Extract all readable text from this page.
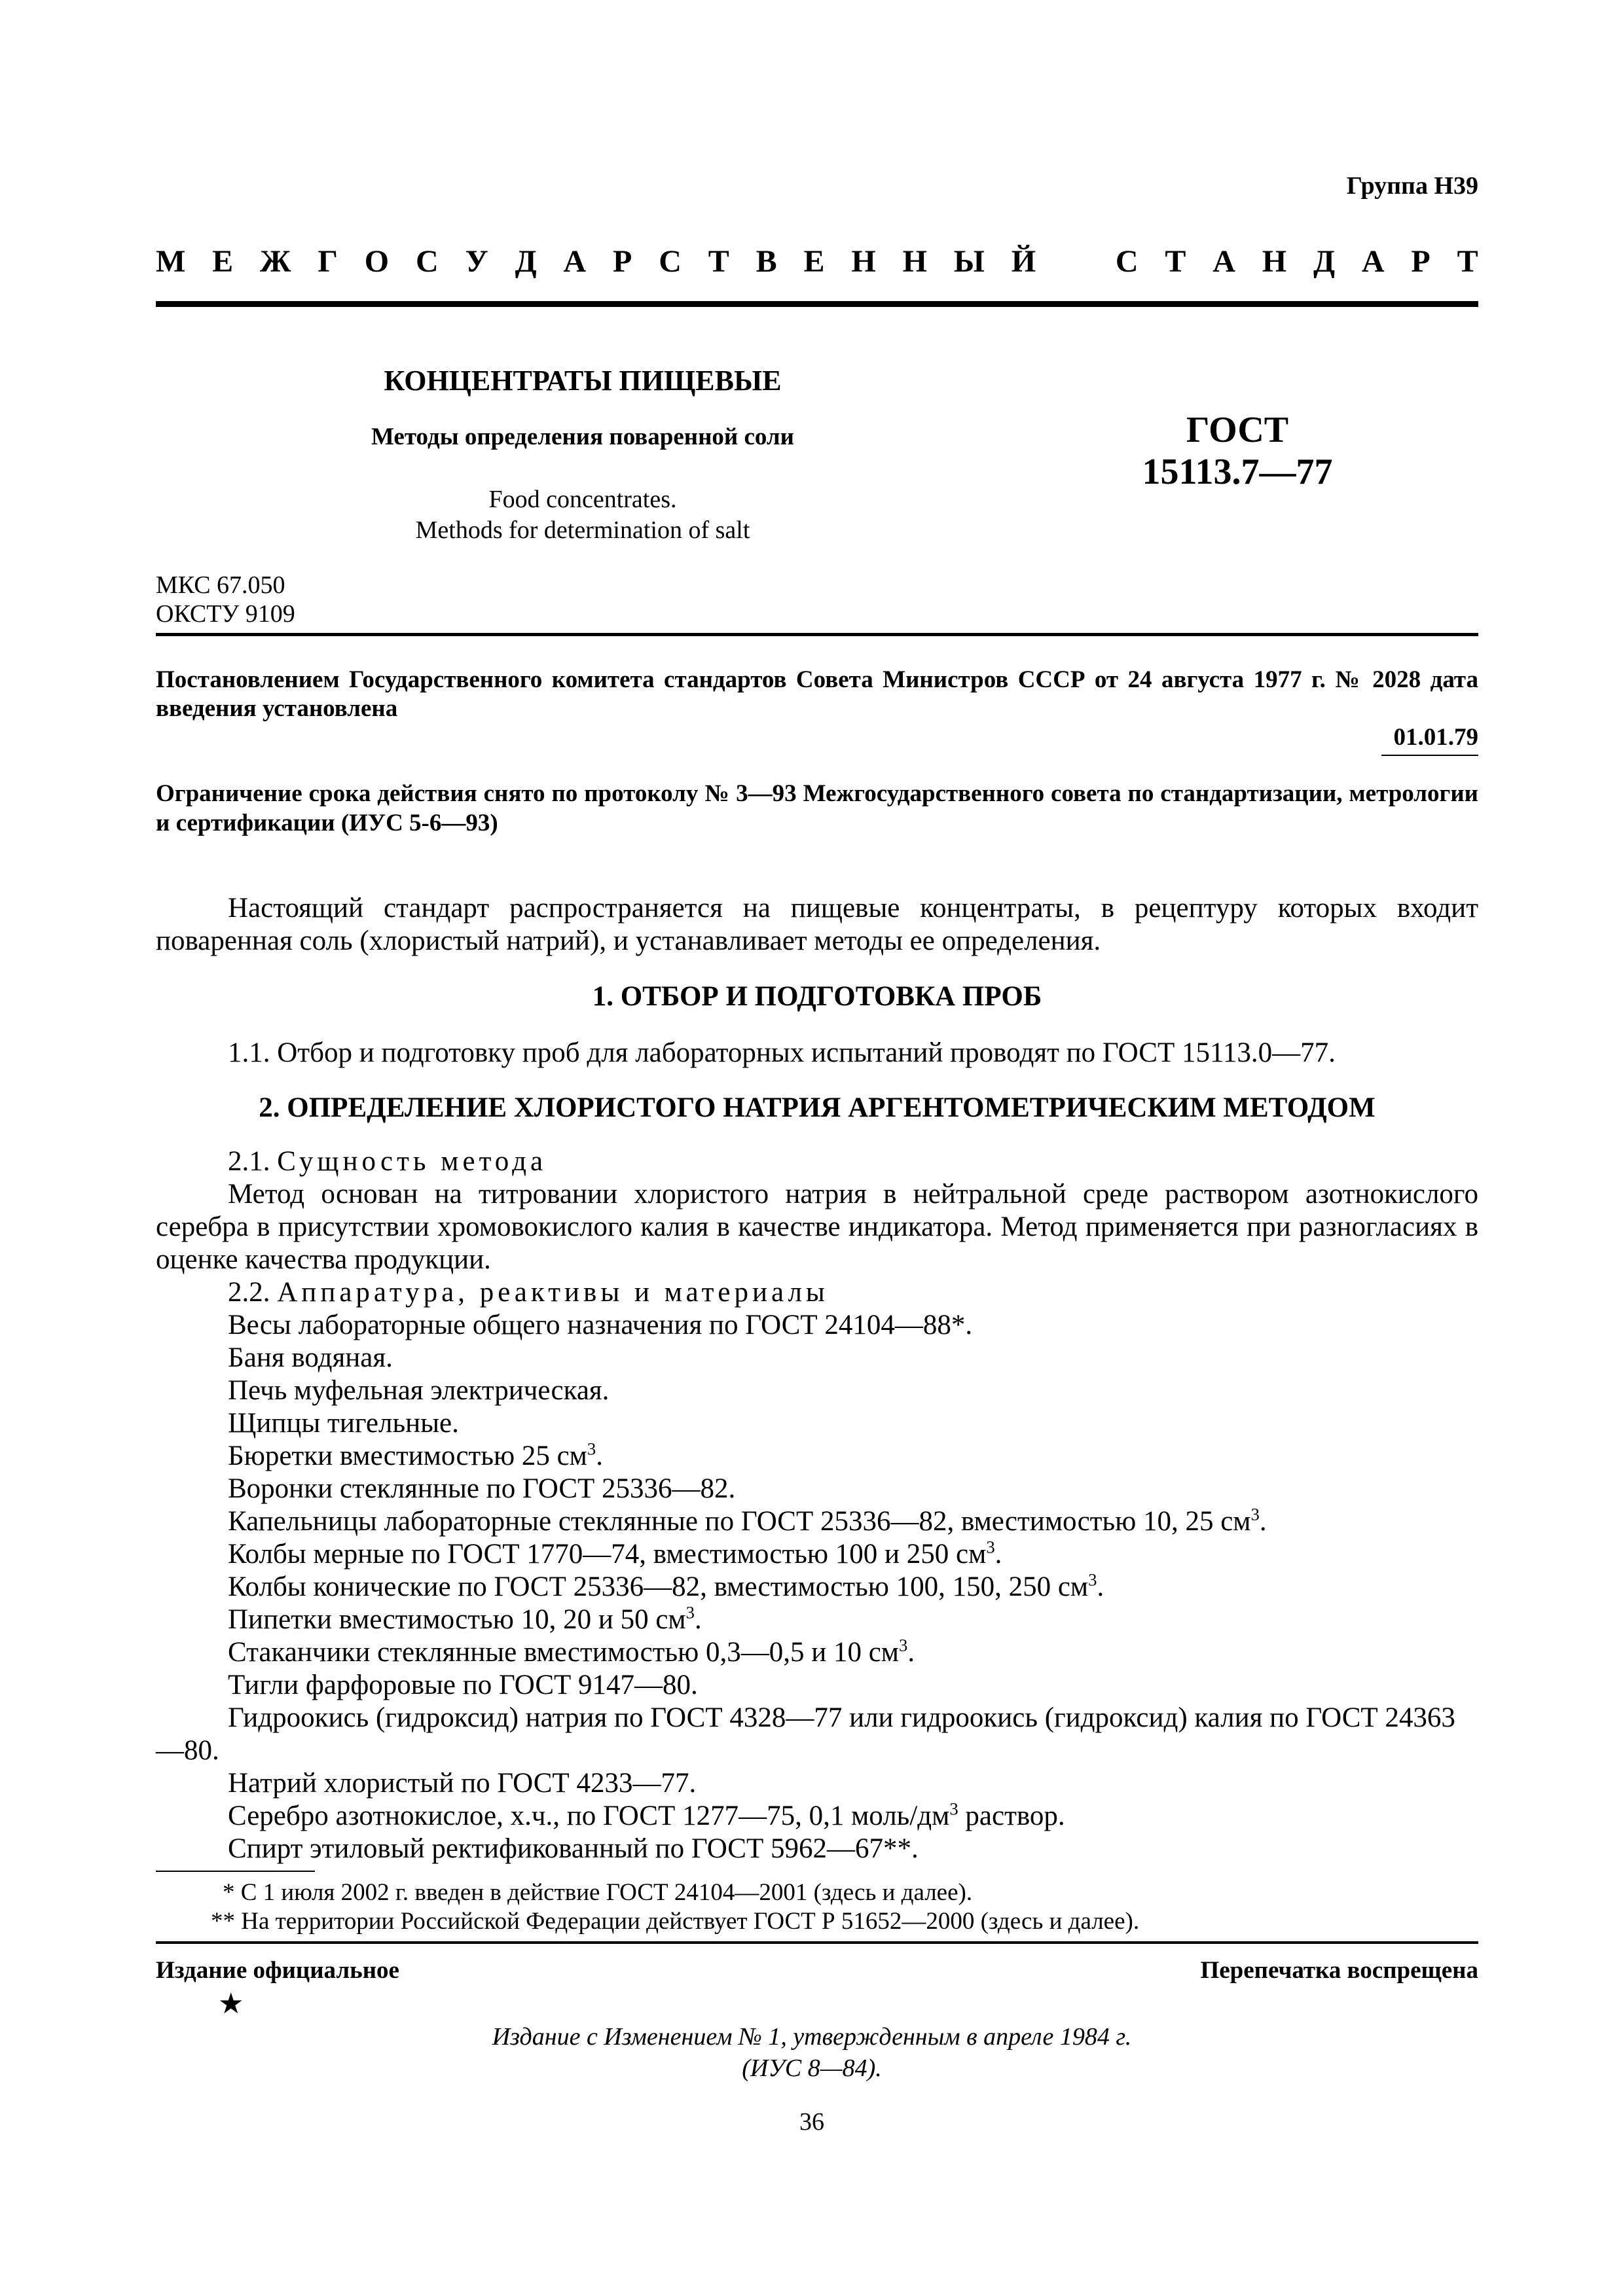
Группа Н39
М Е Ж Г О С У Д А Р С Т В Е Н Н Ы Й	С Т А Н Д А Р Т
КОНЦЕНТРАТЫ ПИЩЕВЫЕ
Методы определения поваренной соли
Food concentrates.
Methods for determination of salt
ГОСТ
15113.7—77
МКС 67.050
ОКСТУ 9109
Постановлением Государственного комитета стандартов Совета Министров СССР от 24 августа 1977 г. № 2028 дата введения установлена
01.01.79
Ограничение срока действия снято по протоколу № 3—93 Межгосударственного совета по стандартизации, метрологии и сертификации (ИУС 5-6—93)
Настоящий стандарт распространяется на пищевые концентраты, в рецептуру которых входит поваренная соль (хлористый натрий), и устанавливает методы ее определения.
1. ОТБОР И ПОДГОТОВКА ПРОБ
1.1. Отбор и подготовку проб для лабораторных испытаний проводят по ГОСТ 15113.0—77.
2. ОПРЕДЕЛЕНИЕ ХЛОРИСТОГО НАТРИЯ АРГЕНТОМЕТРИЧЕСКИМ МЕТОДОМ
2.1. Сущность метода
Метод основан на титровании хлористого натрия в нейтральной среде раствором азотнокислого серебра в присутствии хромовокислого калия в качестве индикатора. Метод применяется при разногласиях в оценке качества продукции.
2.2. Аппаратура, реактивы и материалы
Весы лабораторные общего назначения по ГОСТ 24104—88*.
Баня водяная.
Печь муфельная электрическая.
Щипцы тигельные.
Бюретки вместимостью 25 $см^3$.
Воронки стеклянные по ГОСТ 25336—82.
Капельницы лабораторные стеклянные по ГОСТ 25336—82, вместимостью 10, 25 $см^3$.
Колбы мерные по ГОСТ 1770—74, вместимостью 100 и 250 $см^3$.
Колбы конические по ГОСТ 25336—82, вместимостью 100, 150, 250 $см^3$.
Пипетки вместимостью 10, 20 и 50 $см^3$.
Стаканчики стеклянные вместимостью 0,3—0,5 и 10 $см^3$.
Тигли фарфоровые по ГОСТ 9147—80.
Гидроокись (гидроксид) натрия по ГОСТ 4328—77 или гидроокись (гидроксид) калия по ГОСТ 24363—80.
Натрий хлористый по ГОСТ 4233—77.
Серебро азотнокислое, х.ч., по ГОСТ 1277—75, 0,1 моль/$дм^3$ раствор.
Спирт этиловый ректификованный по ГОСТ 5962—67**.
* С 1 июля 2002 г. введен в действие ГОСТ 24104—2001 (здесь и далее).
** На территории Российской Федерации действует ГОСТ Р 51652—2000 (здесь и далее).
Издание официальное	Перепечатка воспрещена
★
Издание с Изменением № 1, утвержденным в апреле 1984 г.
(ИУС 8—84).
36
